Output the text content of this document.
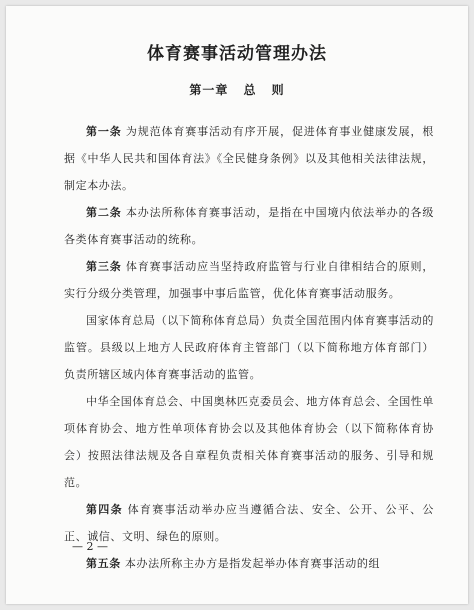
体育赛事活动管理办法
第一章 总 则

第一条 为规范体育赛事活动有序开展，促进体育事业健康发展，根据《中华人民共和国体育法》《全民健身条例》以及其他相关法律法规，制定本办法。

第二条 本办法所称体育赛事活动，是指在中国境内依法举办的各级各类体育赛事活动的统称。

第三条 体育赛事活动应当坚持政府监管与行业自律相结合的原则，实行分级分类管理，加强事中事后监管，优化体育赛事活动服务。

国家体育总局（以下简称体育总局）负责全国范围内体育赛事活动的监管。县级以上地方人民政府体育主管部门（以下简称地方体育部门）负责所辖区域内体育赛事活动的监管。

中华全国体育总会、中国奥林匹克委员会、地方体育总会、全国性单项体育协会、地方性单项体育协会以及其他体育协会（以下简称体育协会）按照法律法规及各自章程负责相关体育赛事活动的服务、引导和规范。

第四条 体育赛事活动举办应当遵循合法、安全、公开、公平、公正、诚信、文明、绿色的原则。

第五条 本办法所称主办方是指发起举办体育赛事活动的组

— 2 —
